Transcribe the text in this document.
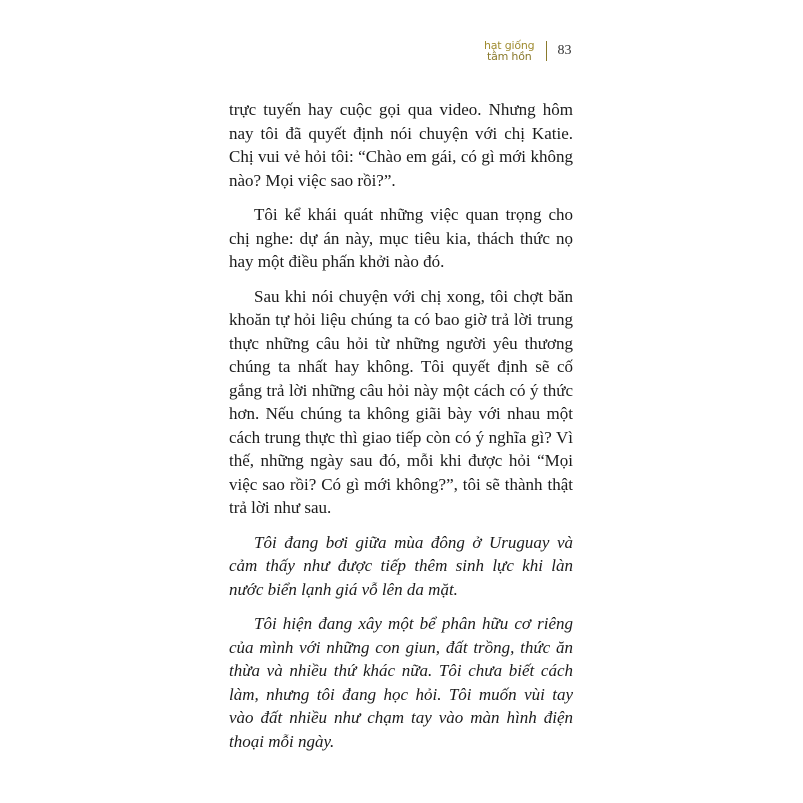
hạt giống
tâm hồn 83

trực tuyến hay cuộc gọi qua video. Nhưng hôm nay tôi đã quyết định nói chuyện với chị Katie. Chị vui vẻ hỏi tôi: “Chào em gái, có gì mới không nào? Mọi việc sao rồi?”.

Tôi kể khái quát những việc quan trọng cho chị nghe: dự án này, mục tiêu kia, thách thức nọ hay một điều phấn khởi nào đó.

Sau khi nói chuyện với chị xong, tôi chợt băn khoăn tự hỏi liệu chúng ta có bao giờ trả lời trung thực những câu hỏi từ những người yêu thương chúng ta nhất hay không. Tôi quyết định sẽ cố gắng trả lời những câu hỏi này một cách có ý thức hơn. Nếu chúng ta không giãi bày với nhau một cách trung thực thì giao tiếp còn có ý nghĩa gì? Vì thế, những ngày sau đó, mỗi khi được hỏi “Mọi việc sao rồi? Có gì mới không?”, tôi sẽ thành thật trả lời như sau.

Tôi đang bơi giữa mùa đông ở Uruguay và cảm thấy như được tiếp thêm sinh lực khi làn nước biển lạnh giá vỗ lên da mặt.

Tôi hiện đang xây một bể phân hữu cơ riêng của mình với những con giun, đất trồng, thức ăn thừa và nhiều thứ khác nữa. Tôi chưa biết cách làm, nhưng tôi đang học hỏi. Tôi muốn vùi tay vào đất nhiều như chạm tay vào màn hình điện thoại mỗi ngày.
